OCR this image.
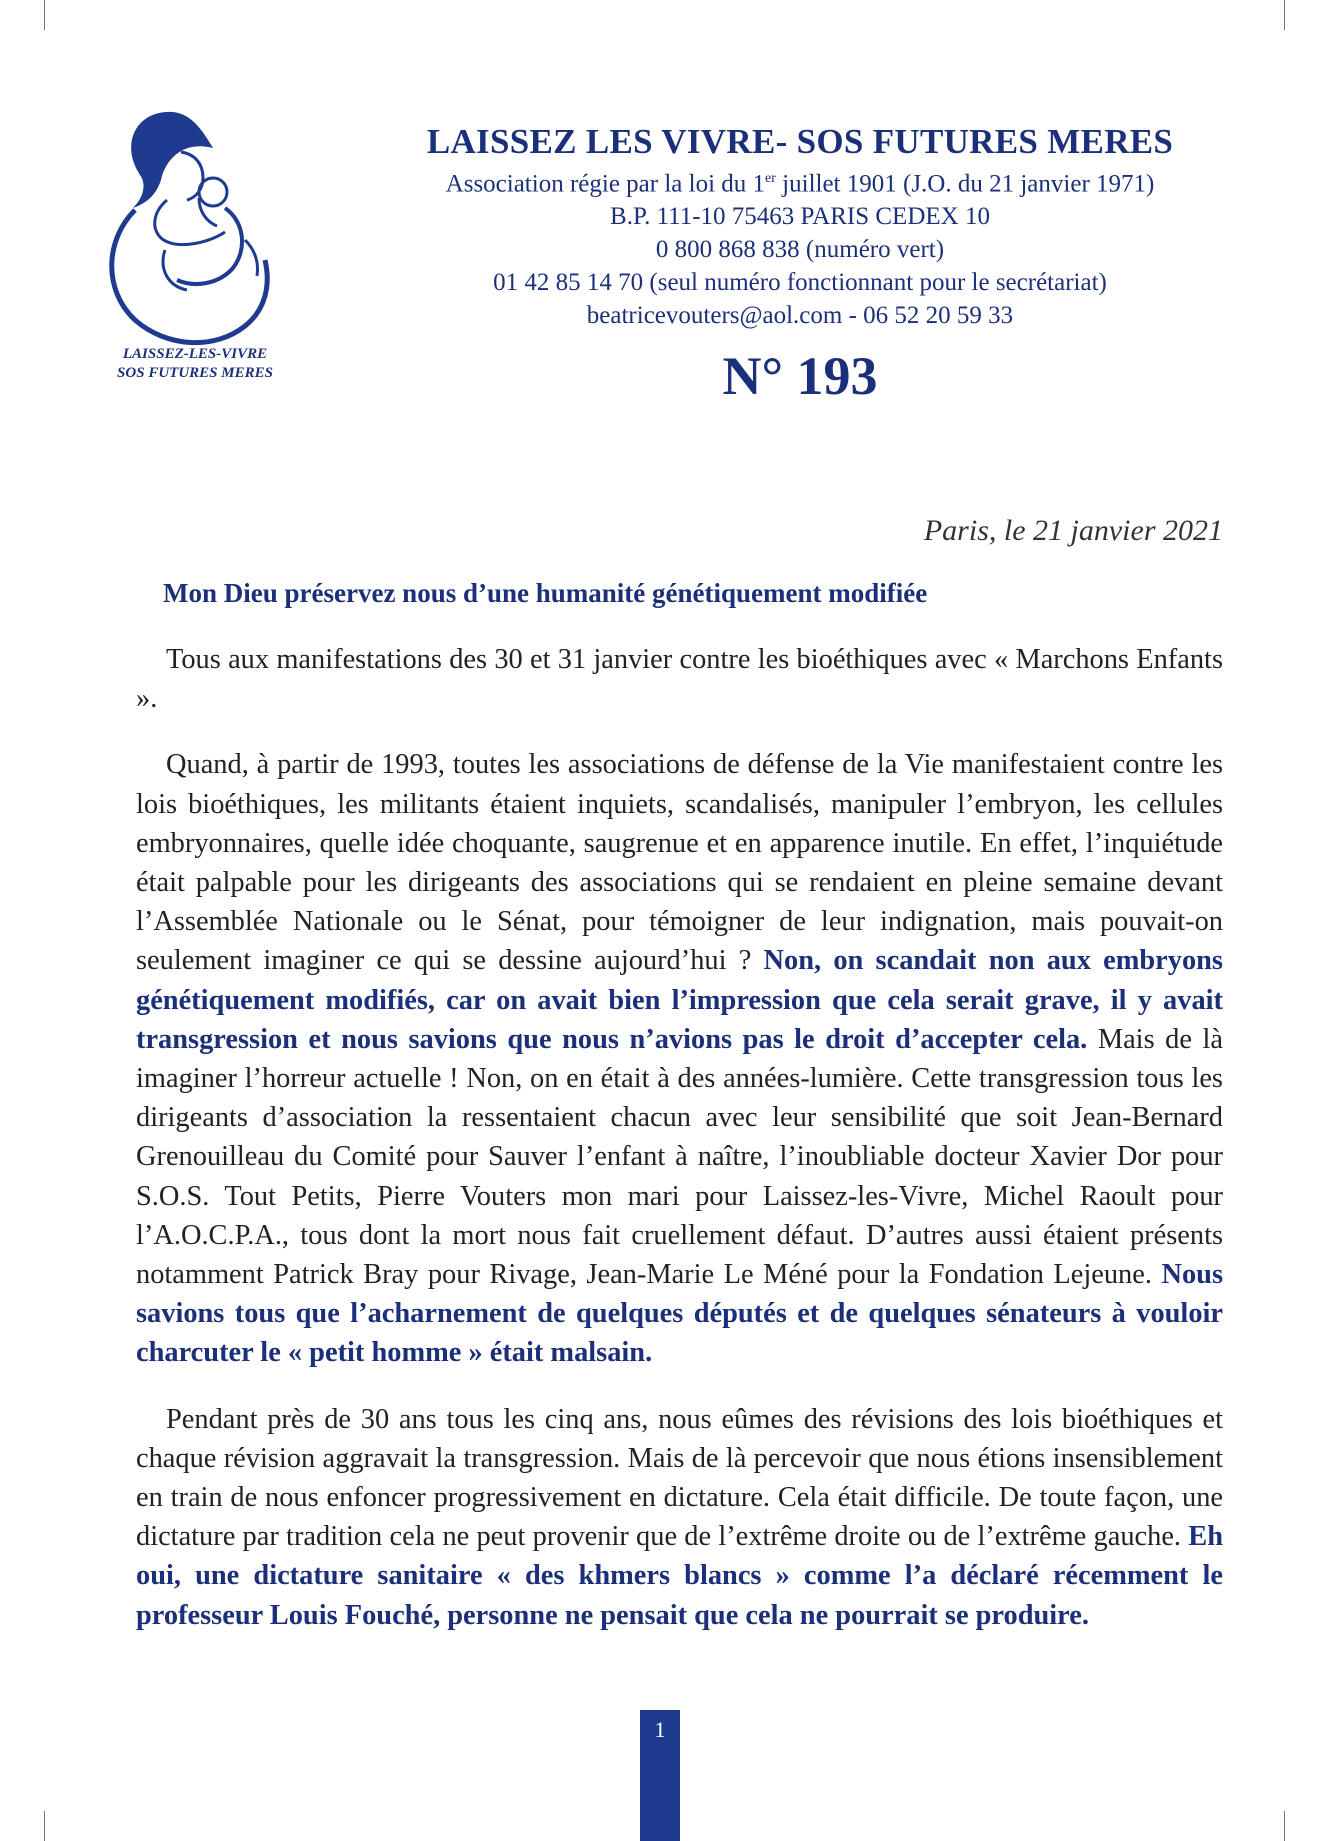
LAISSEZ-LES-VIVRE
SOS FUTURES MERES
LAISSEZ LES VIVRE- SOS FUTURES MERES
Association régie par la loi du 1er juillet 1901 (J.O. du 21 janvier 1971)
B.P. 111-10 75463 PARIS CEDEX 10
0 800 868 838 (numéro vert)
01 42 85 14 70 (seul numéro fonctionnant pour le secrétariat)
beatricevouters@aol.com - 06 52 20 59 33
N° 193
Paris, le 21 janvier 2021
Mon Dieu préservez nous d’une humanité génétiquement modifiée

Tous aux manifestations des 30 et 31 janvier contre les bioéthiques avec « Marchons Enfants ».

Quand, à partir de 1993, toutes les associations de défense de la Vie manifestaient contre les lois bioéthiques, les militants étaient inquiets, scandalisés, manipuler l’embryon, les cellules embryonnaires, quelle idée choquante, saugrenue et en apparence inutile. En effet, l’inquiétude était palpable pour les dirigeants des associations qui se rendaient en pleine semaine devant l’Assemblée Nationale ou le Sénat, pour témoigner de leur indignation, mais pouvait-on seulement imaginer ce qui se dessine aujourd’hui ? Non, on scandait non aux embryons génétiquement modifiés, car on avait bien l’impression que cela serait grave, il y avait transgression et nous savions que nous n’avions pas le droit d’accepter cela. Mais de là imaginer l’horreur actuelle ! Non, on en était à des années-lumière. Cette transgression tous les dirigeants d’association la ressentaient chacun avec leur sensibilité que soit Jean-Bernard Grenouilleau du Comité pour Sauver l’enfant à naître, l’inoubliable docteur Xavier Dor pour S.O.S. Tout Petits, Pierre Vouters mon mari pour Laissez-les-Vivre, Michel Raoult pour l’A.O.C.P.A., tous dont la mort nous fait cruellement défaut. D’autres aussi étaient présents notamment Patrick Bray pour Rivage, Jean-Marie Le Méné pour la Fondation Lejeune. Nous savions tous que l’acharnement de quelques députés et de quelques sénateurs à vouloir charcuter le « petit homme » était malsain.

Pendant près de 30 ans tous les cinq ans, nous eûmes des révisions des lois bioéthiques et chaque révision aggravait la transgression. Mais de là percevoir que nous étions insensiblement en train de nous enfoncer progressivement en dictature. Cela était difficile. De toute façon, une dictature par tradition cela ne peut provenir que de l’extrême droite ou de l’extrême gauche. Eh oui, une dictature sanitaire « des khmers blancs » comme l’a déclaré récemment le professeur Louis Fouché, personne ne pensait que cela ne pourrait se produire.

1
